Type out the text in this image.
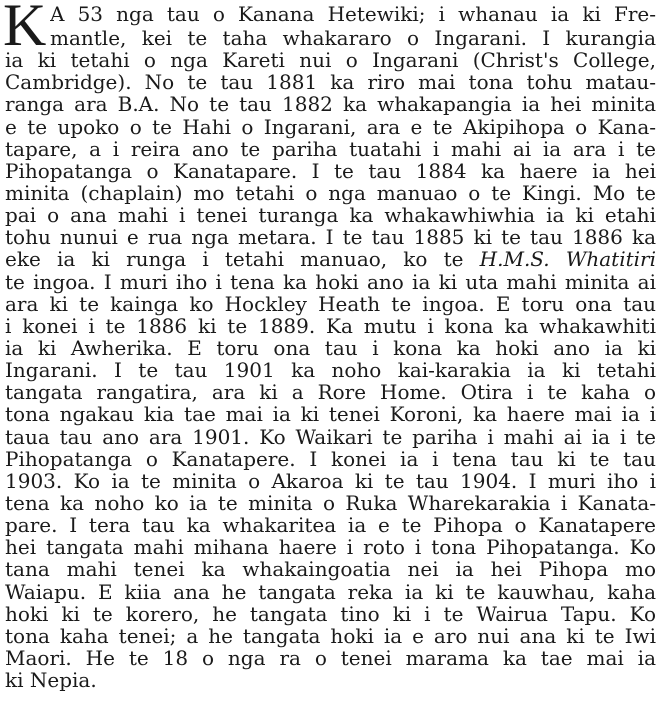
K A 53 nga tau o Kanana Hetewiki; i whanau ia ki Fre-
mantle, kei te taha whakararo o Ingarani. I kurangia
ia ki tetahi o nga Kareti nui o Ingarani (Christ's College,
Cambridge). No te tau 1881 ka riro mai tona tohu matau-
ranga ara B.A. No te tau 1882 ka whakapangia ia hei minita
e te upoko o te Hahi o Ingarani, ara e te Akipihopa o Kana-
tapare, a i reira ano te pariha tuatahi i mahi ai ia ara i te
Pihopatanga o Kanatapare. I te tau 1884 ka haere ia hei
minita (chaplain) mo tetahi o nga manuao o te Kingi. Mo te
pai o ana mahi i tenei turanga ka whakawhiwhia ia ki etahi
tohu nunui e rua nga metara. I te tau 1885 ki te tau 1886 ka
eke ia ki runga i tetahi manuao, ko te H.M.S. Whatitiri
te ingoa. I muri iho i tena ka hoki ano ia ki uta mahi minita ai
ara ki te kainga ko Hockley Heath te ingoa. E toru ona tau
i konei i te 1886 ki te 1889. Ka mutu i kona ka whakawhiti
ia ki Awherika. E toru ona tau i kona ka hoki ano ia ki
Ingarani. I te tau 1901 ka noho kai-karakia ia ki tetahi
tangata rangatira, ara ki a Rore Home. Otira i te kaha o
tona ngakau kia tae mai ia ki tenei Koroni, ka haere mai ia i
taua tau ano ara 1901. Ko Waikari te pariha i mahi ai ia i te
Pihopatanga o Kanatapere. I konei ia i tena tau ki te tau
1903. Ko ia te minita o Akaroa ki te tau 1904. I muri iho i
tena ka noho ko ia te minita o Ruka Wharekarakia i Kanata-
pare. I tera tau ka whakaritea ia e te Pihopa o Kanatapere
hei tangata mahi mihana haere i roto i tona Pihopatanga. Ko
tana mahi tenei ka whakaingoatia nei ia hei Pihopa mo
Waiapu. E kiia ana he tangata reka ia ki te kauwhau, kaha
hoki ki te korero, he tangata tino ki i te Wairua Tapu. Ko
tona kaha tenei; a he tangata hoki ia e aro nui ana ki te Iwi
Maori. He te 18 o nga ra o tenei marama ka tae mai ia
ki Nepia.
